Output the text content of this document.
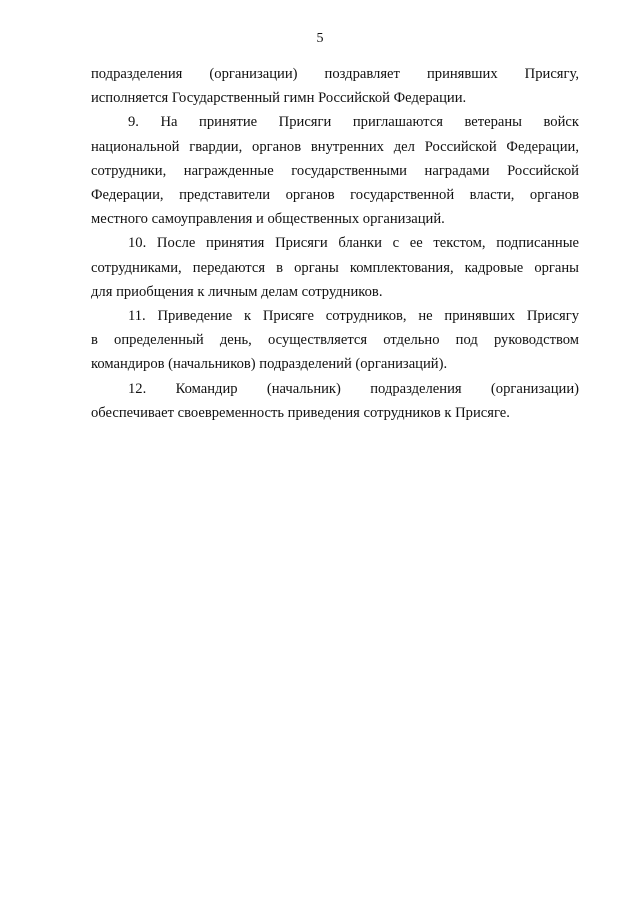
5

подразделения (организации) поздравляет принявших Присягу,
исполняется Государственный гимн Российской Федерации.

9. На принятие Присяги приглашаются ветераны войск
национальной гвардии, органов внутренних дел Российской Федерации,
сотрудники, награжденные государственными наградами Российской
Федерации, представители органов государственной власти, органов
местного самоуправления и общественных организаций.

10. После принятия Присяги бланки с ее текстом, подписанные
сотрудниками, передаются в органы комплектования, кадровые органы
для приобщения к личным делам сотрудников.

11. Приведение к Присяге сотрудников, не принявших Присягу
в определенный день, осуществляется отдельно под руководством
командиров (начальников) подразделений (организаций).

12. Командир (начальник) подразделения (организации)
обеспечивает своевременность приведения сотрудников к Присяге.
